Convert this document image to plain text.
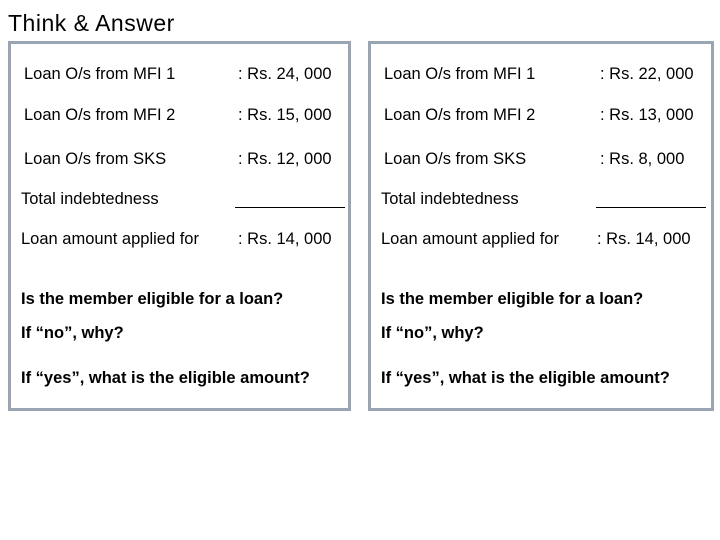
Think & Answer
Loan O/s from MFI 1	: Rs. 24, 000
Loan O/s from MFI 2	: Rs. 15, 000
Loan O/s from SKS	: Rs. 12, 000
Total indebtedness
Loan amount applied for : Rs. 14, 000
Is the member eligible for a loan?
If “no”, why?
If “yes”, what is the eligible amount?
Loan O/s from MFI 1	: Rs. 22, 000
Loan O/s from MFI 2	: Rs. 13, 000
Loan O/s from SKS	: Rs. 8, 000
Total indebtedness
Loan amount applied for : Rs. 14, 000
Is the member eligible for a loan?
If “no”, why?
If “yes”, what is the eligible amount?
